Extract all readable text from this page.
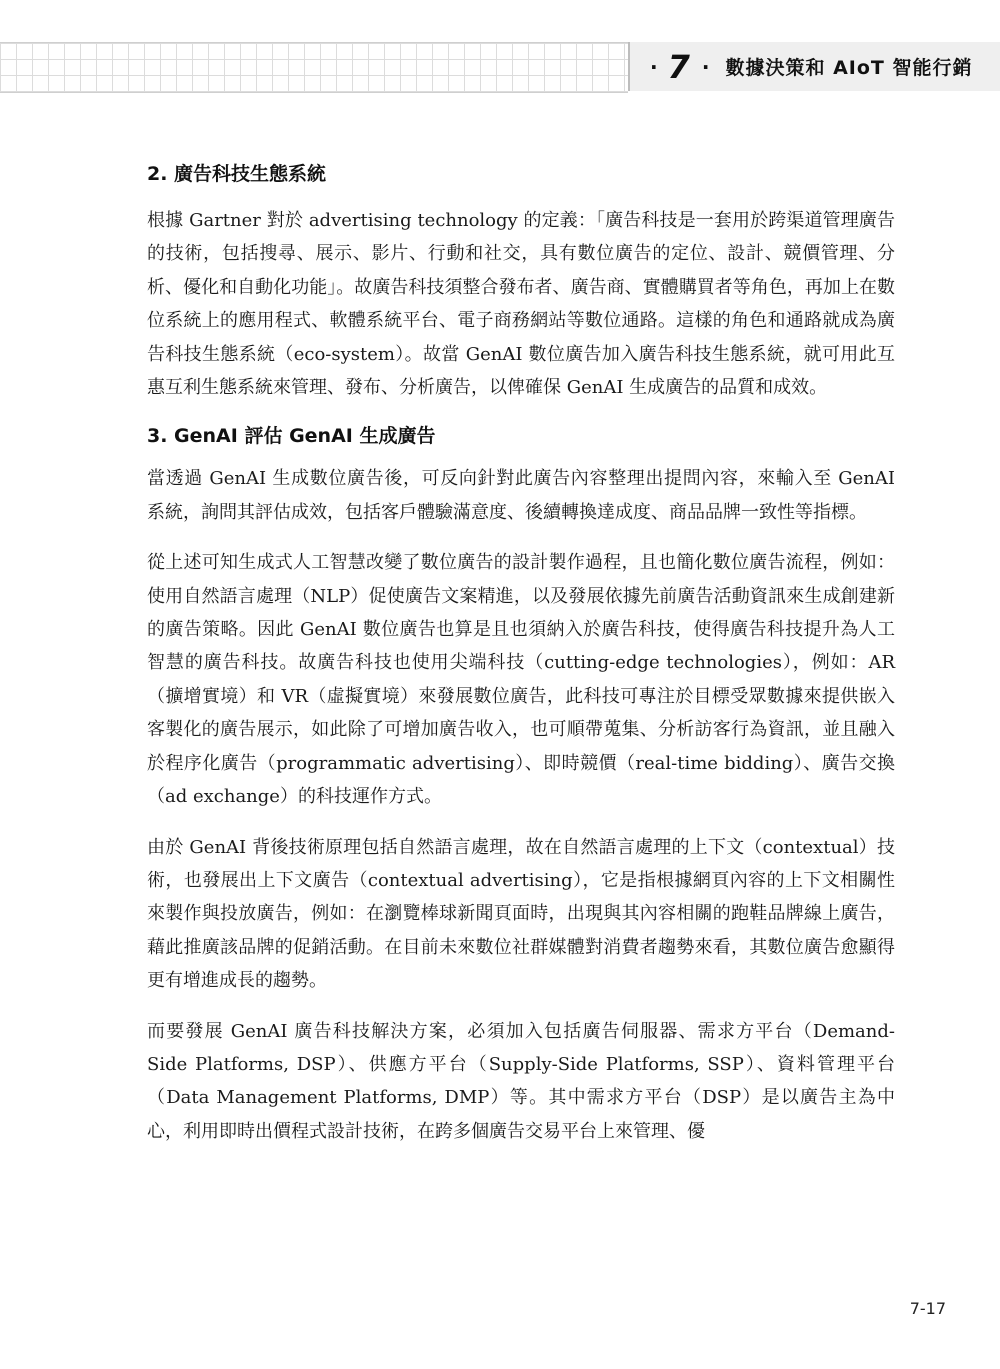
· 7 · 數據決策和 AIoT 智能行銷
2. 廣告科技生態系統

根據 Gartner 對於 advertising technology 的定義：「廣告科技是一套用於跨渠道管理廣告的技術，包括搜尋、展示、影片、行動和社交，具有數位廣告的定位、設計、競價管理、分析、優化和自動化功能」。故廣告科技須整合發布者、廣告商、實體購買者等角色，再加上在數位系統上的應用程式、軟體系統平台、電子商務網站等數位通路。這樣的角色和通路就成為廣告科技生態系統（eco-system）。故當 GenAI 數位廣告加入廣告科技生態系統，就可用此互惠互利生態系統來管理、發布、分析廣告，以俾確保 GenAI 生成廣告的品質和成效。

3. GenAI 評估 GenAI 生成廣告

當透過 GenAI 生成數位廣告後，可反向針對此廣告內容整理出提問內容，來輸入至 GenAI 系統，詢問其評估成效，包括客戶體驗滿意度、後續轉換達成度、商品品牌一致性等指標。

從上述可知生成式人工智慧改變了數位廣告的設計製作過程，且也簡化數位廣告流程，例如：使用自然語言處理（NLP）促使廣告文案精進，以及發展依據先前廣告活動資訊來生成創建新的廣告策略。因此 GenAI 數位廣告也算是且也須納入於廣告科技，使得廣告科技提升為人工智慧的廣告科技。故廣告科技也使用尖端科技（cutting-edge technologies），例如：AR（擴增實境）和 VR（虛擬實境）來發展數位廣告，此科技可專注於目標受眾數據來提供嵌入客製化的廣告展示，如此除了可增加廣告收入，也可順帶蒐集、分析訪客行為資訊，並且融入於程序化廣告（programmatic advertising）、即時競價（real-time bidding）、廣告交換（ad exchange）的科技運作方式。

由於 GenAI 背後技術原理包括自然語言處理，故在自然語言處理的上下文（contextual）技術，也發展出上下文廣告（contextual advertising），它是指根據網頁內容的上下文相關性來製作與投放廣告，例如：在瀏覽棒球新聞頁面時，出現與其內容相關的跑鞋品牌線上廣告，藉此推廣該品牌的促銷活動。在目前未來數位社群媒體對消費者趨勢來看，其數位廣告愈顯得更有增進成長的趨勢。

而要發展 GenAI 廣告科技解決方案，必須加入包括廣告伺服器、需求方平台（Demand-Side Platforms, DSP）、供應方平台（Supply-Side Platforms, SSP）、資料管理平台（Data Management Platforms, DMP）等。其中需求方平台（DSP）是以廣告主為中心，利用即時出價程式設計技術，在跨多個廣告交易平台上來管理、優

7-17
